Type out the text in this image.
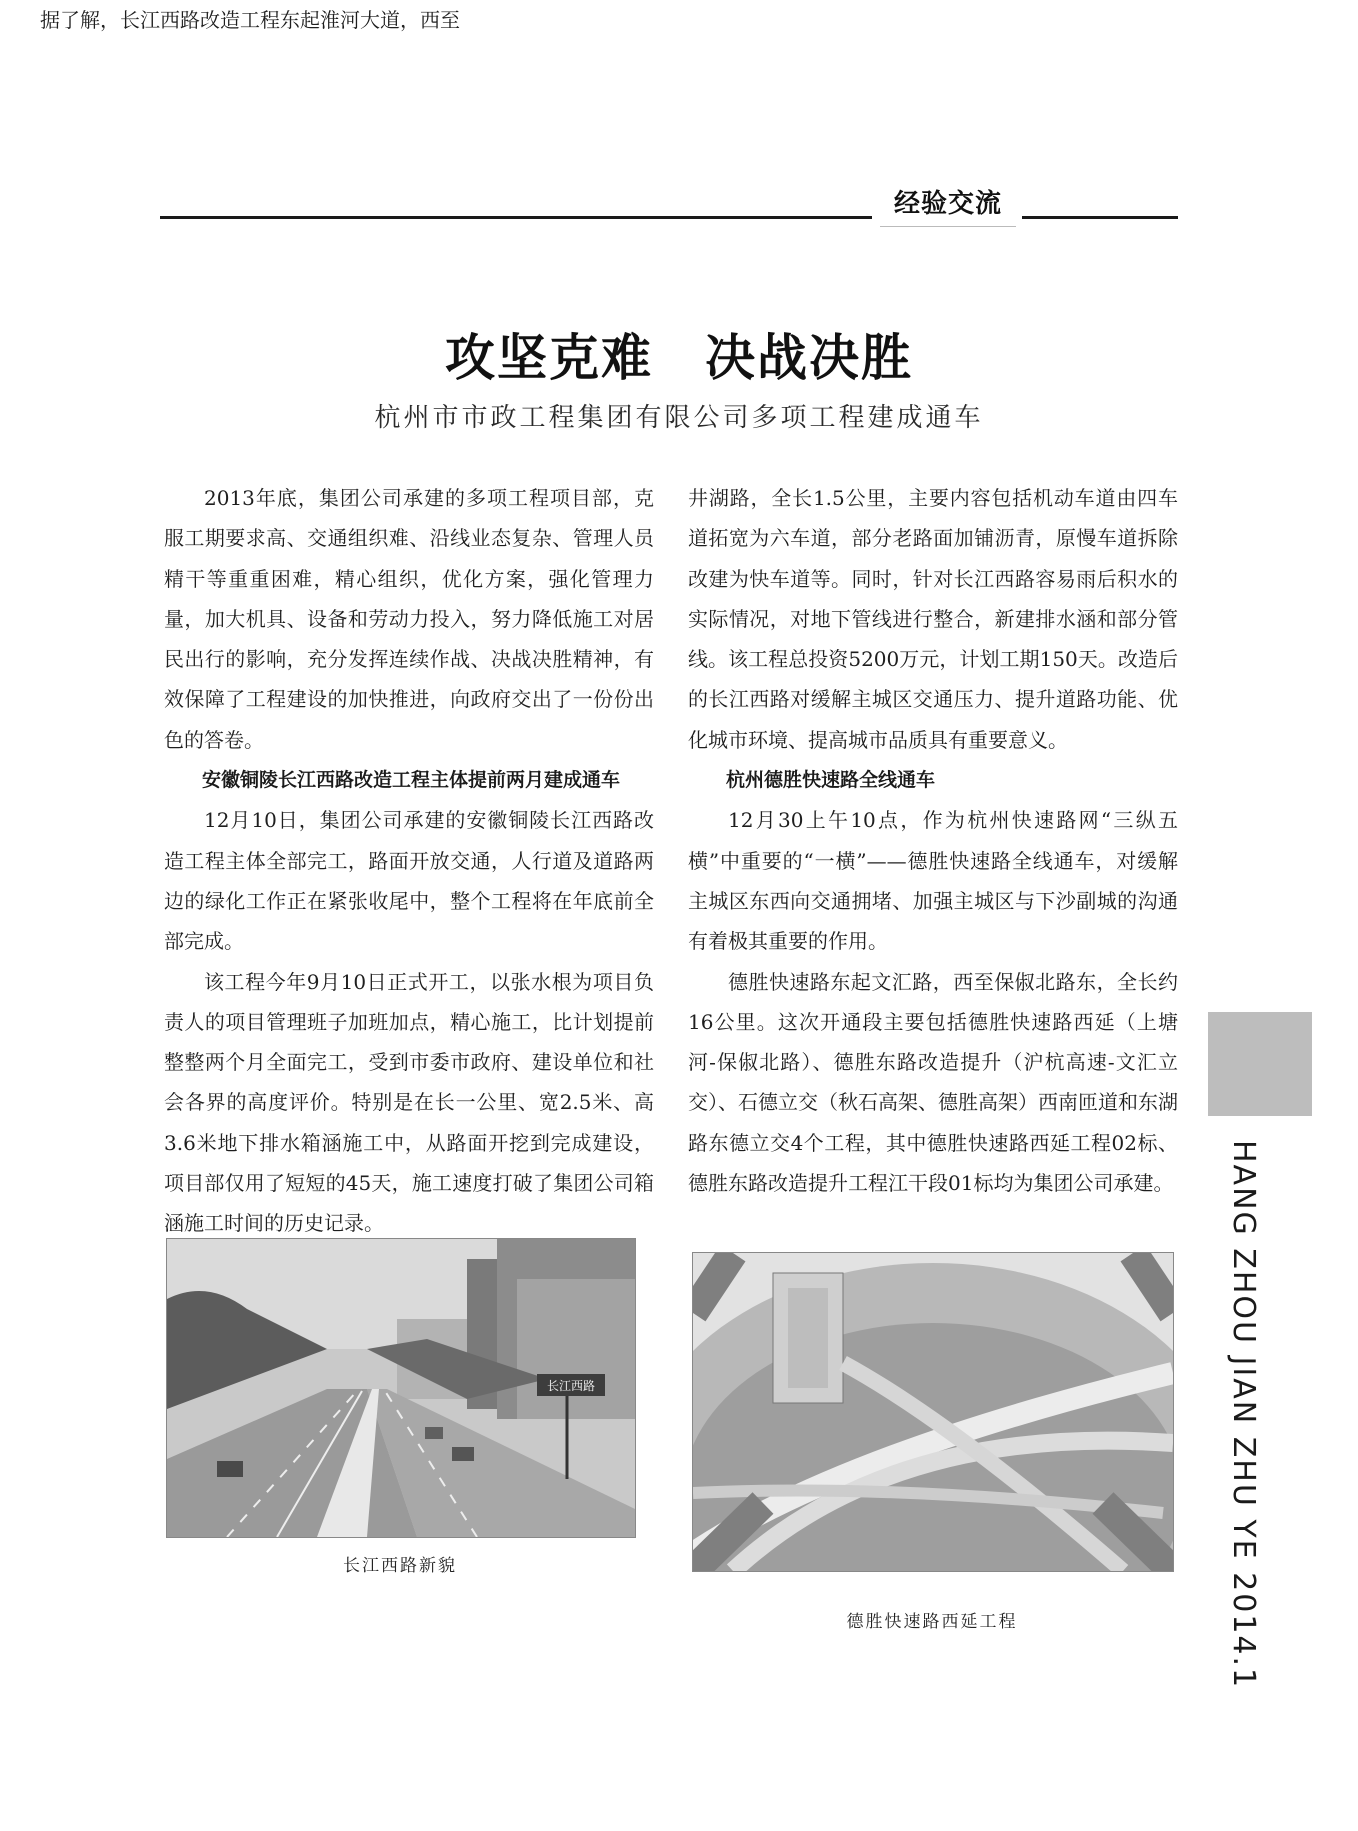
经验交流
攻坚克难　决战决胜
杭州市市政工程集团有限公司多项工程建成通车

2013年底，集团公司承建的多项工程项目部，克服工期要求高、交通组织难、沿线业态复杂、管理人员精干等重重困难，精心组织，优化方案，强化管理力量，加大机具、设备和劳动力投入，努力降低施工对居民出行的影响，充分发挥连续作战、决战决胜精神，有效保障了工程建设的加快推进，向政府交出了一份份出色的答卷。

安徽铜陵长江西路改造工程主体提前两月建成通车

12月10日，集团公司承建的安徽铜陵长江西路改造工程主体全部完工，路面开放交通，人行道及道路两边的绿化工作正在紧张收尾中，整个工程将在年底前全部完成。

该工程今年9月10日正式开工，以张水根为项目负责人的项目管理班子加班加点，精心施工，比计划提前整整两个月全面完工，受到市委市政府、建设单位和社会各界的高度评价。特别是在长一公里、宽2.5米、高3.6米地下排水箱涵施工中，从路面开挖到完成建设，项目部仅用了短短的45天，施工速度打破了集团公司箱涵施工时间的历史记录。

长江西路
长江西路新貌

据了解，长江西路改造工程东起淮河大道，西至

井湖路，全长1.5公里，主要内容包括机动车道由四车道拓宽为六车道，部分老路面加铺沥青，原慢车道拆除改建为快车道等。同时，针对长江西路容易雨后积水的实际情况，对地下管线进行整合，新建排水涵和部分管线。该工程总投资5200万元，计划工期150天。改造后的长江西路对缓解主城区交通压力、提升道路功能、优化城市环境、提高城市品质具有重要意义。

杭州德胜快速路全线通车

12月30上午10点，作为杭州快速路网“三纵五横”中重要的“一横”——德胜快速路全线通车，对缓解主城区东西向交通拥堵、加强主城区与下沙副城的沟通有着极其重要的作用。

德胜快速路东起文汇路，西至保俶北路东，全长约16公里。这次开通段主要包括德胜快速路西延（上塘河-保俶北路）、德胜东路改造提升（沪杭高速-文汇立交）、石德立交（秋石高架、德胜高架）西南匝道和东湖路东德立交4个工程，其中德胜快速路西延工程02标、德胜东路改造提升工程江干段01标均为集团公司承建。

德胜快速路西延工程	HANG ZHOU JIAN ZHU YE 2014.1
